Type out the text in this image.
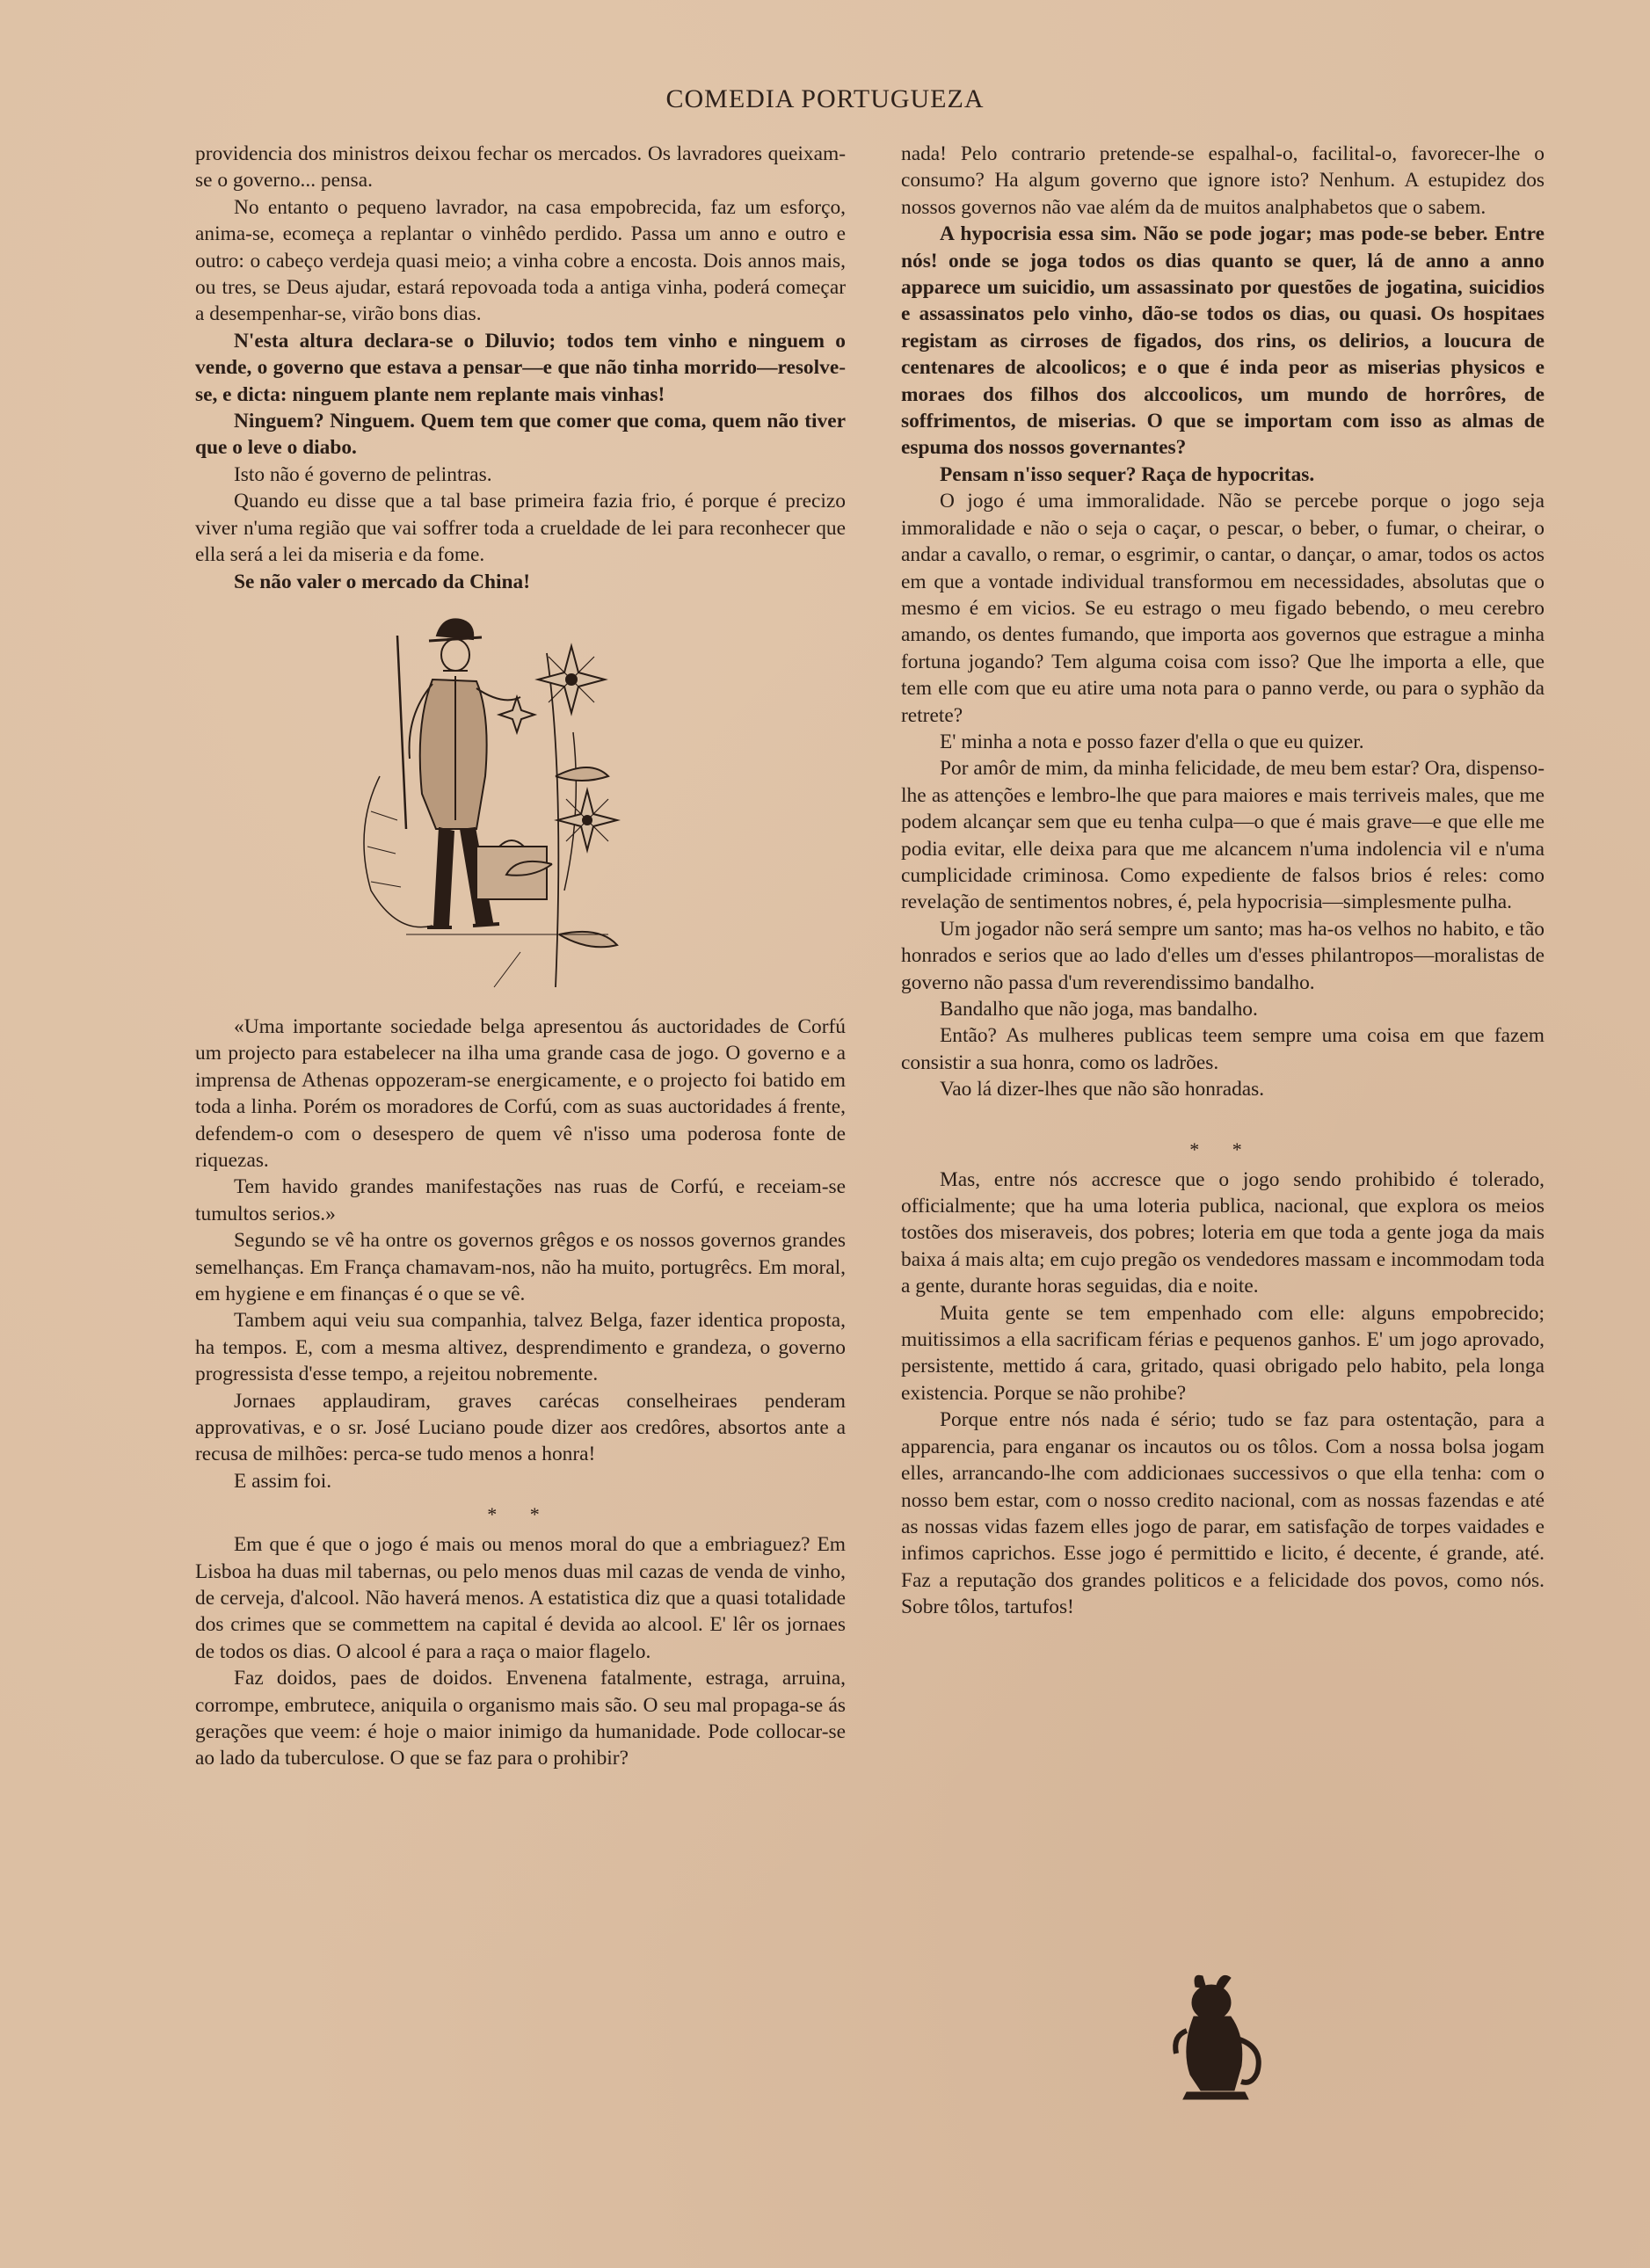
COMEDIA PORTUGUEZA

providencia dos ministros deixou fechar os mercados. Os lavradores queixam-se o governo... pensa.

No entanto o pequeno lavrador, na casa empobrecida, faz um esforço, anima-se, ecomeça a replantar o vinhêdo perdido. Passa um anno e outro e outro: o cabeço verdeja quasi meio; a vinha cobre a encosta. Dois annos mais, ou tres, se Deus ajudar, estará repovoada toda a antiga vinha, poderá começar a desempenhar-se, virão bons dias.

N'esta altura declara-se o Diluvio; todos tem vinho e ninguem o vende, o governo que estava a pensar—e que não tinha morrido—resolve-se, e dicta: ninguem plante nem replante mais vinhas!

Ninguem? Ninguem. Quem tem que comer que coma, quem não tiver que o leve o diabo.

Isto não é governo de pelintras.

Quando eu disse que a tal base primeira fazia frio, é porque é precizo viver n'uma região que vai soffrer toda a crueldade de lei para reconhecer que ella será a lei da miseria e da fome.

Se não valer o mercado da China!

«Uma importante sociedade belga apresentou ás auctoridades de Corfú um projecto para estabelecer na ilha uma grande casa de jogo. O governo e a imprensa de Athenas oppozeram-se energicamente, e o projecto foi batido em toda a linha. Porém os moradores de Corfú, com as suas auctoridades á frente, defendem-o com o desespero de quem vê n'isso uma poderosa fonte de riquezas.

Tem havido grandes manifestações nas ruas de Corfú, e receiam-se tumultos serios.»

Segundo se vê ha ontre os governos grêgos e os nossos governos grandes semelhanças. Em França chamavam-nos, não ha muito, portugrêcs. Em moral, em hygiene e em finanças é o que se vê.

Tambem aqui veiu sua companhia, talvez Belga, fazer identica proposta, ha tempos. E, com a mesma altivez, desprendimento e grandeza, o governo progressista d'esse tempo, a rejeitou nobremente.

Jornaes applaudiram, graves carécas conselheiraes penderam approvativas, e o sr. José Luciano poude dizer aos credôres, absortos ante a recusa de milhões: perca-se tudo menos a honra!

E assim foi.

* *

Em que é que o jogo é mais ou menos moral do que a embriaguez? Em Lisboa ha duas mil tabernas, ou pelo menos duas mil cazas de venda de vinho, de cerveja, d'alcool. Não haverá menos. A estatistica diz que a quasi totalidade dos crimes que se commettem na capital é devida ao alcool. E' lêr os jornaes de todos os dias. O alcool é para a raça o maior flagelo.

Faz doidos, paes de doidos. Envenena fatalmente, estraga, arruina, corrompe, embrutece, aniquila o organismo mais são. O seu mal propaga-se ás gerações que veem: é hoje o maior inimigo da humanidade. Pode collocar-se ao lado da tuberculose. O que se faz para o prohibir?

nada! Pelo contrario pretende-se espalhal-o, facilital-o, favorecer-lhe o consumo? Ha algum governo que ignore isto? Nenhum. A estupidez dos nossos governos não vae além da de muitos analphabetos que o sabem.

A hypocrisia essa sim. Não se pode jogar; mas pode-se beber. Entre nós! onde se joga todos os dias quanto se quer, lá de anno a anno apparece um suicidio, um assassinato por questões de jogatina, suicidios e assassinatos pelo vinho, dão-se todos os dias, ou quasi. Os hospitaes registam as cirroses de figados, dos rins, os delirios, a loucura de centenares de alcoolicos; e o que é inda peor as miserias physicos e moraes dos filhos dos alccoolicos, um mundo de horrôres, de soffrimentos, de miserias. O que se importam com isso as almas de espuma dos nossos governantes?

Pensam n'isso sequer? Raça de hypocritas.

O jogo é uma immoralidade. Não se percebe porque o jogo seja immoralidade e não o seja o caçar, o pescar, o beber, o fumar, o cheirar, o andar a cavallo, o remar, o esgrimir, o cantar, o dançar, o amar, todos os actos em que a vontade individual transformou em necessidades, absolutas que o mesmo é em vicios. Se eu estrago o meu figado bebendo, o meu cerebro amando, os dentes fumando, que importa aos governos que estrague a minha fortuna jogando? Tem alguma coisa com isso? Que lhe importa a elle, que tem elle com que eu atire uma nota para o panno verde, ou para o syphão da retrete?

E' minha a nota e posso fazer d'ella o que eu quizer.

Por amôr de mim, da minha felicidade, de meu bem estar? Ora, dispenso-lhe as attenções e lembro-lhe que para maiores e mais terriveis males, que me podem alcançar sem que eu tenha culpa—o que é mais grave—e que elle me podia evitar, elle deixa para que me alcancem n'uma indolencia vil e n'uma cumplicidade criminosa. Como expediente de falsos brios é reles: como revelação de sentimentos nobres, é, pela hypocrisia—simplesmente pulha.

Um jogador não será sempre um santo; mas ha-os velhos no habito, e tão honrados e serios que ao lado d'elles um d'esses philantropos—moralistas de governo não passa d'um reverendissimo bandalho.

Bandalho que não joga, mas bandalho.

Então? As mulheres publicas teem sempre uma coisa em que fazem consistir a sua honra, como os ladrões.

Vao lá dizer-lhes que não são honradas.

* *

Mas, entre nós accresce que o jogo sendo prohibido é tolerado, officialmente; que ha uma loteria publica, nacional, que explora os meios tostões dos miseraveis, dos pobres; loteria em que toda a gente joga da mais baixa á mais alta; em cujo pregão os vendedores massam e incommodam toda a gente, durante horas seguidas, dia e noite.

Muita gente se tem empenhado com elle: alguns empobrecido; muitissimos a ella sacrificam férias e pequenos ganhos. E' um jogo aprovado, persistente, mettido á cara, gritado, quasi obrigado pelo habito, pela longa existencia. Porque se não prohibe?

Porque entre nós nada é sério; tudo se faz para ostentação, para a apparencia, para enganar os incautos ou os tôlos. Com a nossa bolsa jogam elles, arrancando-lhe com addicionaes successivos o que ella tenha: com o nosso bem estar, com o nosso credito nacional, com as nossas fazendas e até as nossas vidas fazem elles jogo de parar, em satisfação de torpes vaidades e infimos caprichos. Esse jogo é permittido e licito, é decente, é grande, até. Faz a reputação dos grandes politicos e a felicidade dos povos, como nós. Sobre tôlos, tartufos!
